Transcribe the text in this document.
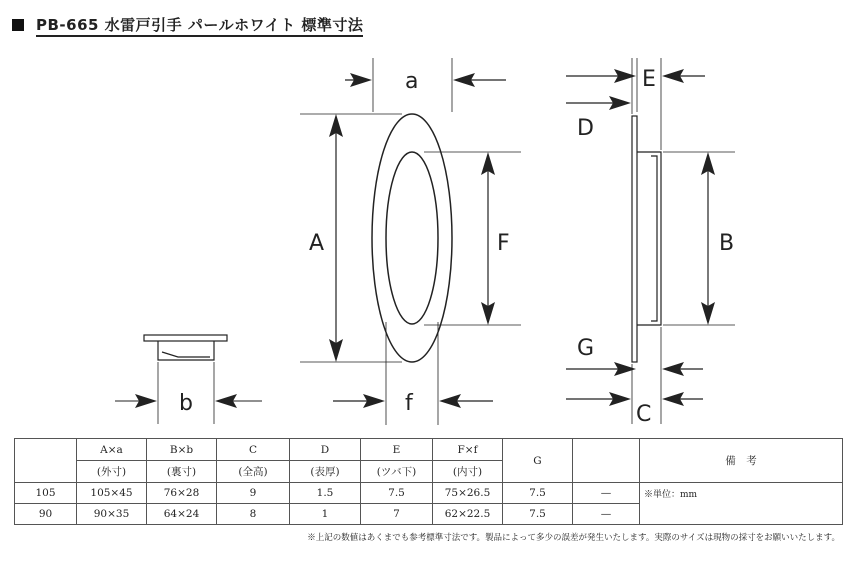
PB-665 水雷戸引手 パールホワイト 標準寸法
a
A	F
f
b
E
D
B
G
C
	A×a	B×b	C	D	E	F×f	G		備　考
	(外寸)	(裏寸)	(全高)	(表厚)	(ツバ下)	(内寸)			
105	105×45	76×28	9	1.5	7.5	75×26.5	7.5	—	※単位：mm
90	90×35	64×24	8	1	7	62×22.5	7.5	—	
※上記の数値はあくまでも参考標準寸法です。製品によって多少の誤差が発生いたします。実際のサイズは現物の採寸をお願いいたします。
